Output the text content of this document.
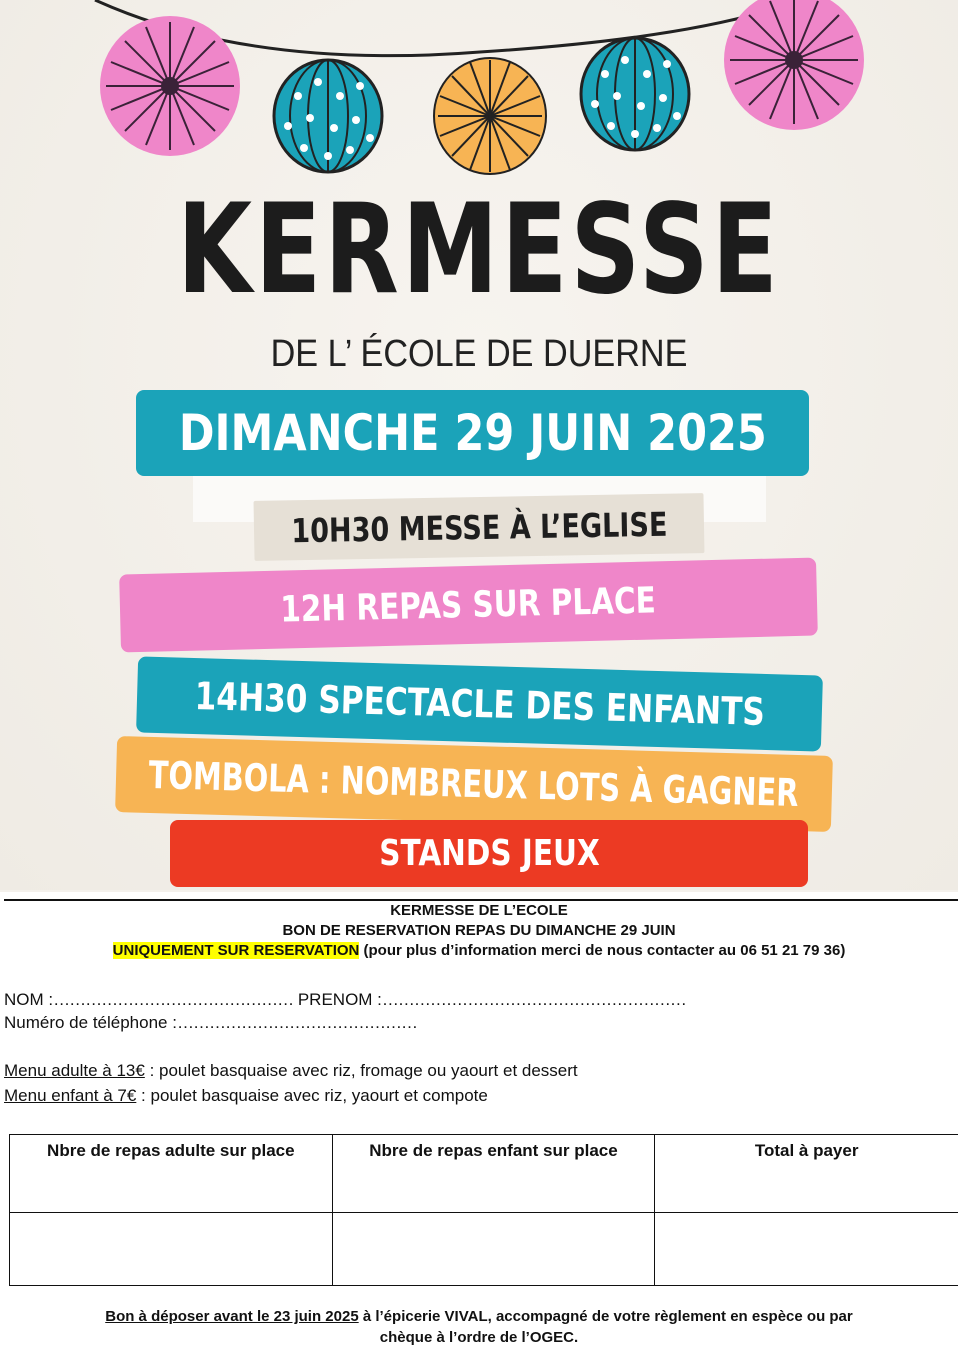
KERMESSE
DE L’ ÉCOLE DE DUERNE
DIMANCHE 29 JUIN 2025
10H30 MESSE À L’EGLISE
12H REPAS SUR PLACE
14H30 SPECTACLE DES ENFANTS
TOMBOLA : NOMBREUX LOTS À GAGNER
STANDS JEUX
KERMESSE DE L’ECOLE
BON DE RESERVATION REPAS DU DIMANCHE 29 JUIN
UNIQUEMENT SUR RESERVATION (pour plus d’information merci de nous contacter au 06 51 21 79 36)
NOM :……………………………………… PRENOM :…………………………………………………
Numéro de téléphone :………………………………………
Menu adulte à 13€ : poulet basquaise avec riz, fromage ou yaourt et dessert
Menu enfant à 7€ : poulet basquaise avec riz, yaourt et compote
Nbre de repas adulte sur place	Nbre de repas enfant sur place	Total à payer

Bon à déposer avant le 23 juin 2025 à l’épicerie VIVAL, accompagné de votre règlement en espèce ou par
chèque à l’ordre de l’OGEC.
